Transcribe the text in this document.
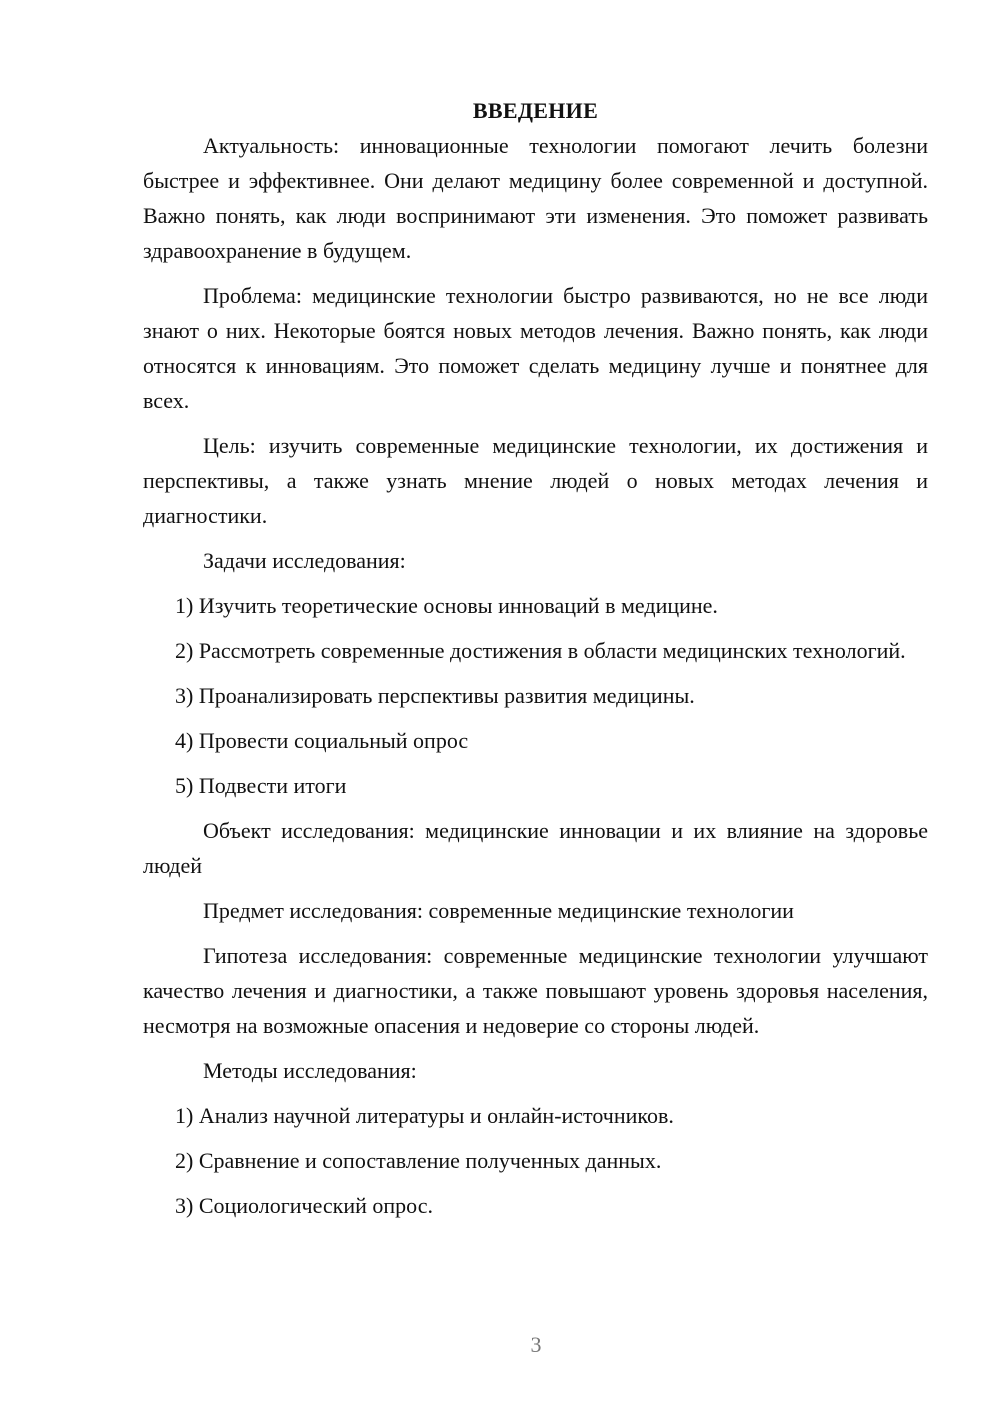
ВВЕДЕНИЕ

Актуальность: инновационные технологии помогают лечить болезни быстрее и эффективнее. Они делают медицину более современной и доступной. Важно понять, как люди воспринимают эти изменения. Это поможет развивать здравоохранение в будущем.

Проблема: медицинские технологии быстро развиваются, но не все люди знают о них. Некоторые боятся новых методов лечения. Важно понять, как люди относятся к инновациям. Это поможет сделать медицину лучше и понятнее для всех.

Цель: изучить современные медицинские технологии, их достижения и перспективы, а также узнать мнение людей о новых методах лечения и диагностики.

Задачи исследования:

1) Изучить теоретические основы инноваций в медицине.

2) Рассмотреть современные достижения в области медицинских технологий.

3) Проанализировать перспективы развития медицины.

4) Провести социальный опрос

5) Подвести итоги

Объект исследования: медицинские инновации и их влияние на здоровье людей

Предмет исследования: современные медицинские технологии

Гипотеза исследования: современные медицинские технологии улучшают качество лечения и диагностики, а также повышают уровень здоровья населения, несмотря на возможные опасения и недоверие со стороны людей.

Методы исследования:

1) Анализ научной литературы и онлайн-источников.

2) Сравнение и сопоставление полученных данных.

3) Социологический опрос.

3
